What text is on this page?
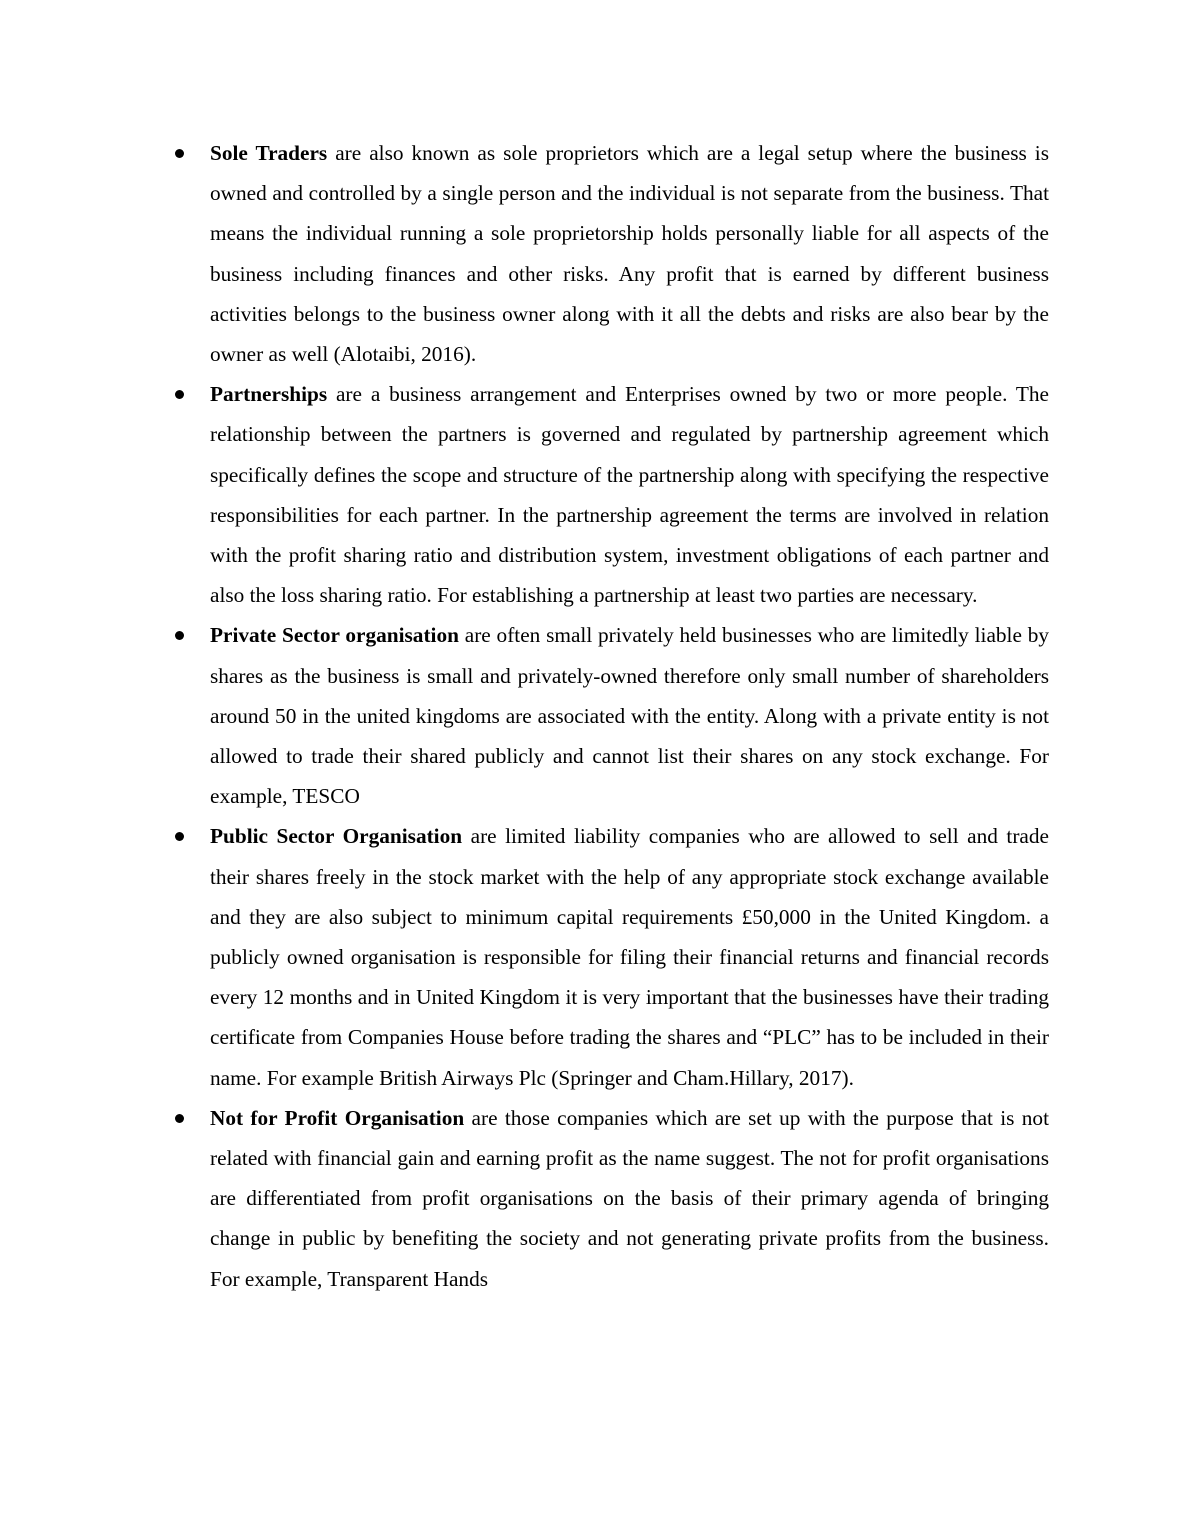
Sole Traders are also known as sole proprietors which are a legal setup where the business is owned and controlled by a single person and the individual is not separate from the business. That means the individual running a sole proprietorship holds personally liable for all aspects of the business including finances and other risks. Any profit that is earned by different business activities belongs to the business owner along with it all the debts and risks are also bear by the owner as well (Alotaibi, 2016).
Partnerships are a business arrangement and Enterprises owned by two or more people. The relationship between the partners is governed and regulated by partnership agreement which specifically defines the scope and structure of the partnership along with specifying the respective responsibilities for each partner. In the partnership agreement the terms are involved in relation with the profit sharing ratio and distribution system, investment obligations of each partner and also the loss sharing ratio. For establishing a partnership at least two parties are necessary.
Private Sector organisation are often small privately held businesses who are limitedly liable by shares as the business is small and privately-owned therefore only small number of shareholders around 50 in the united kingdoms are associated with the entity. Along with a private entity is not allowed to trade their shared publicly and cannot list their shares on any stock exchange. For example, TESCO
Public Sector Organisation are limited liability companies who are allowed to sell and trade their shares freely in the stock market with the help of any appropriate stock exchange available and they are also subject to minimum capital requirements £50,000 in the United Kingdom. a publicly owned organisation is responsible for filing their financial returns and financial records every 12 months and in United Kingdom it is very important that the businesses have their trading certificate from Companies House before trading the shares and “PLC” has to be included in their name. For example British Airways Plc (Springer and Cham.Hillary, 2017).
Not for Profit Organisation are those companies which are set up with the purpose that is not related with financial gain and earning profit as the name suggest. The not for profit organisations are differentiated from profit organisations on the basis of their primary agenda of bringing change in public by benefiting the society and not generating private profits from the business. For example, Transparent Hands
